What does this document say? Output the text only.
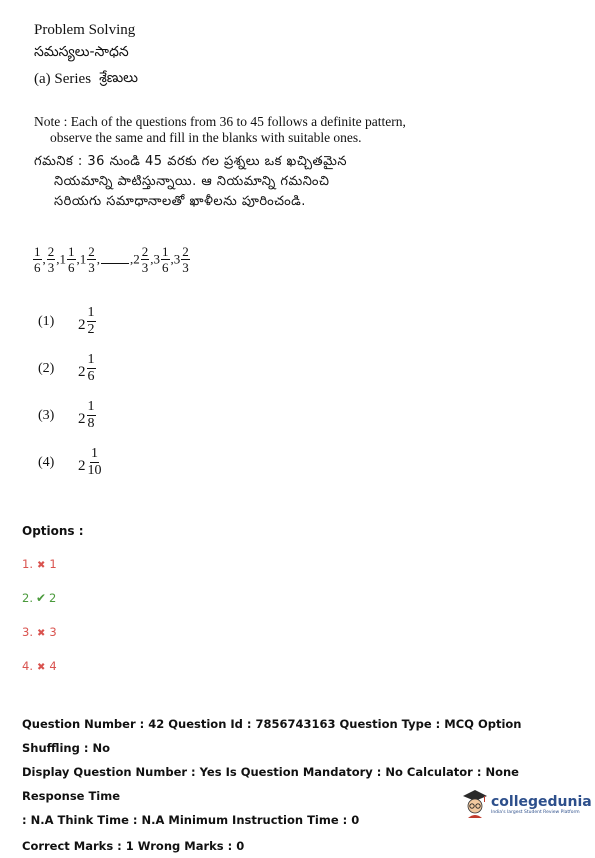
Problem Solving
సమస్యలు-సాధన
(a) Series శ్రేణులు
Note : Each of the questions from 36 to 45 follows a definite pattern,
observe the same and fill in the blanks with suitable ones.
గమనిక : 36 నుండి 45 వరకు గల ప్రశ్నలు ఒక ఖచ్చితమైన
నియమాన్ని పాటిస్తున్నాయి. ఆ నియమాన్ని గమనించి
సరియగు సమాధానాలతో ఖాళీలను పూరించండి.
$\frac{1}{6}$ , $\frac{2}{3} ,1 \frac{1}{6} ,1 \frac{2}{3}$ , $,2 \frac{2}{3} ,3 \frac{1}{6} ,3 \frac{2}{3}$
(1)	$2 \frac{1}{2}$
(2)	$2 \frac{1}{6}$
(3)	$2 \frac{1}{8}$
(4)	$2 \frac{1}{10}$
Options :
1. ✖ 1
2. ✔ 2
3. ✖ 3
4. ✖ 4
Question Number : 42 Question Id : 7856743163 Question Type : MCQ Option Shuffling : No
Display Question Number : Yes Is Question Mandatory : No Calculator : None Response Time
: N.A Think Time : N.A Minimum Instruction Time : 0
Correct Marks : 1 Wrong Marks : 0
collegedunia
India's largest Student Review Platform
